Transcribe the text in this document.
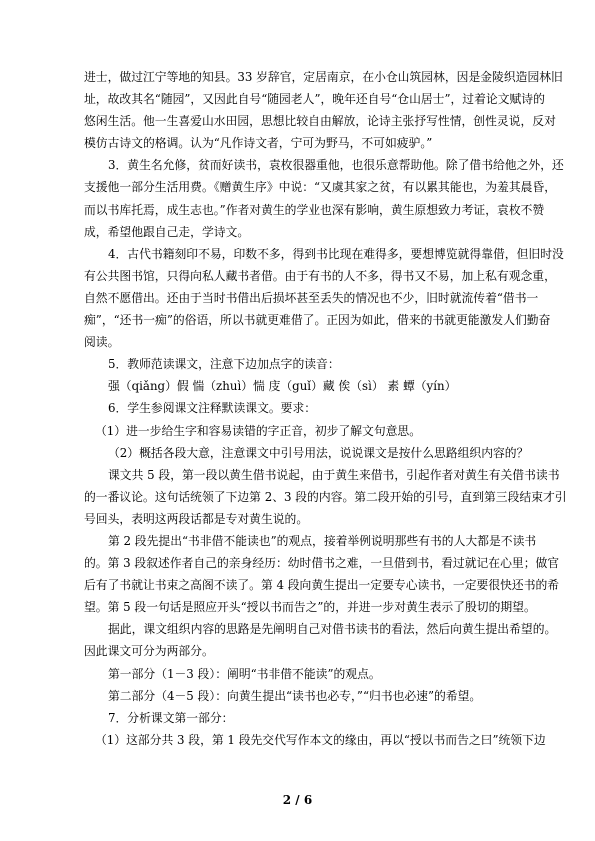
进士，做过江宁等地的知县。33 岁辞官，定居南京，在小仓山筑园林，因是金陵织造园林旧
址，故改其名“随园”，又因此自号“随园老人”，晚年还自号“仓山居士”，过着论文赋诗的
悠闲生活。他一生喜爱山水田园，思想比较自由解放，论诗主张抒写性情，创性灵说，反对
模仿古诗文的格调。认为“凡作诗文者，宁可为野马，不可如疲驴。”
3．黄生名允修，贫而好读书，袁枚很器重他，也很乐意帮助他。除了借书给他之外，还
支援他一部分生活用费。《赠黄生序》中说：“又虞其家之贫，有以累其能也，为羞其晨昏，
而以书库托焉，成生志也。”作者对黄生的学业也深有影响，黄生原想致力考证，袁枚不赞
成，希望他跟自己走，学诗文。
4．古代书籍刻印不易，印数不多，得到书比现在难得多，要想博览就得靠借，但旧时没
有公共图书馆，只得向私人藏书者借。由于有书的人不多，得书又不易，加上私有观念重，
自然不愿借出。还由于当时书借出后损坏甚至丢失的情况也不少，旧时就流传着“借书一
痴”，“还书一痴”的俗语，所以书就更难借了。正因为如此，借来的书就更能激发人们勤奋
阅读。
5．教师范读课文，注意下边加点字的读音：
强（qiǎng）假 惴（zhuì）惴 庋（guǐ）藏 俟（sì） 素 蟫（yín）
6．学生参阅课文注释默读课文。要求：
（1）进一步给生字和容易读错的字正音，初步了解文句意思。
（2）概括各段大意，注意课文中引号用法，说说课文是按什么思路组织内容的？
课文共 5 段，第一段以黄生借书说起，由于黄生来借书，引起作者对黄生有关借书读书
的一番议论。这句话统领了下边第 2、3 段的内容。第二段开始的引号，直到第三段结束才引
号回头，表明这两段话都是专对黄生说的。
第 2 段先提出“书非借不能读也”的观点，接着举例说明那些有书的人大都是不读书
的。第 3 段叙述作者自己的亲身经历：幼时借书之难，一旦借到书，看过就记在心里；做官
后有了书就让书束之高阁不读了。第 4 段向黄生提出一定要专心读书，一定要很快还书的希
望。第 5 段一句话是照应开头“授以书而告之”的，并进一步对黄生表示了殷切的期望。
据此，课文组织内容的思路是先阐明自己对借书读书的看法，然后向黄生提出希望的。
因此课文可分为两部分。
第一部分（1－3 段）：阐明“书非借不能读”的观点。
第二部分（4－5 段）：向黄生提出“读书也必专，”“归书也必速”的希望。
7．分析课文第一部分：
（1）这部分共 3 段，第 1 段先交代写作本文的缘由，再以“授以书而告之曰”统领下边
2 / 6
